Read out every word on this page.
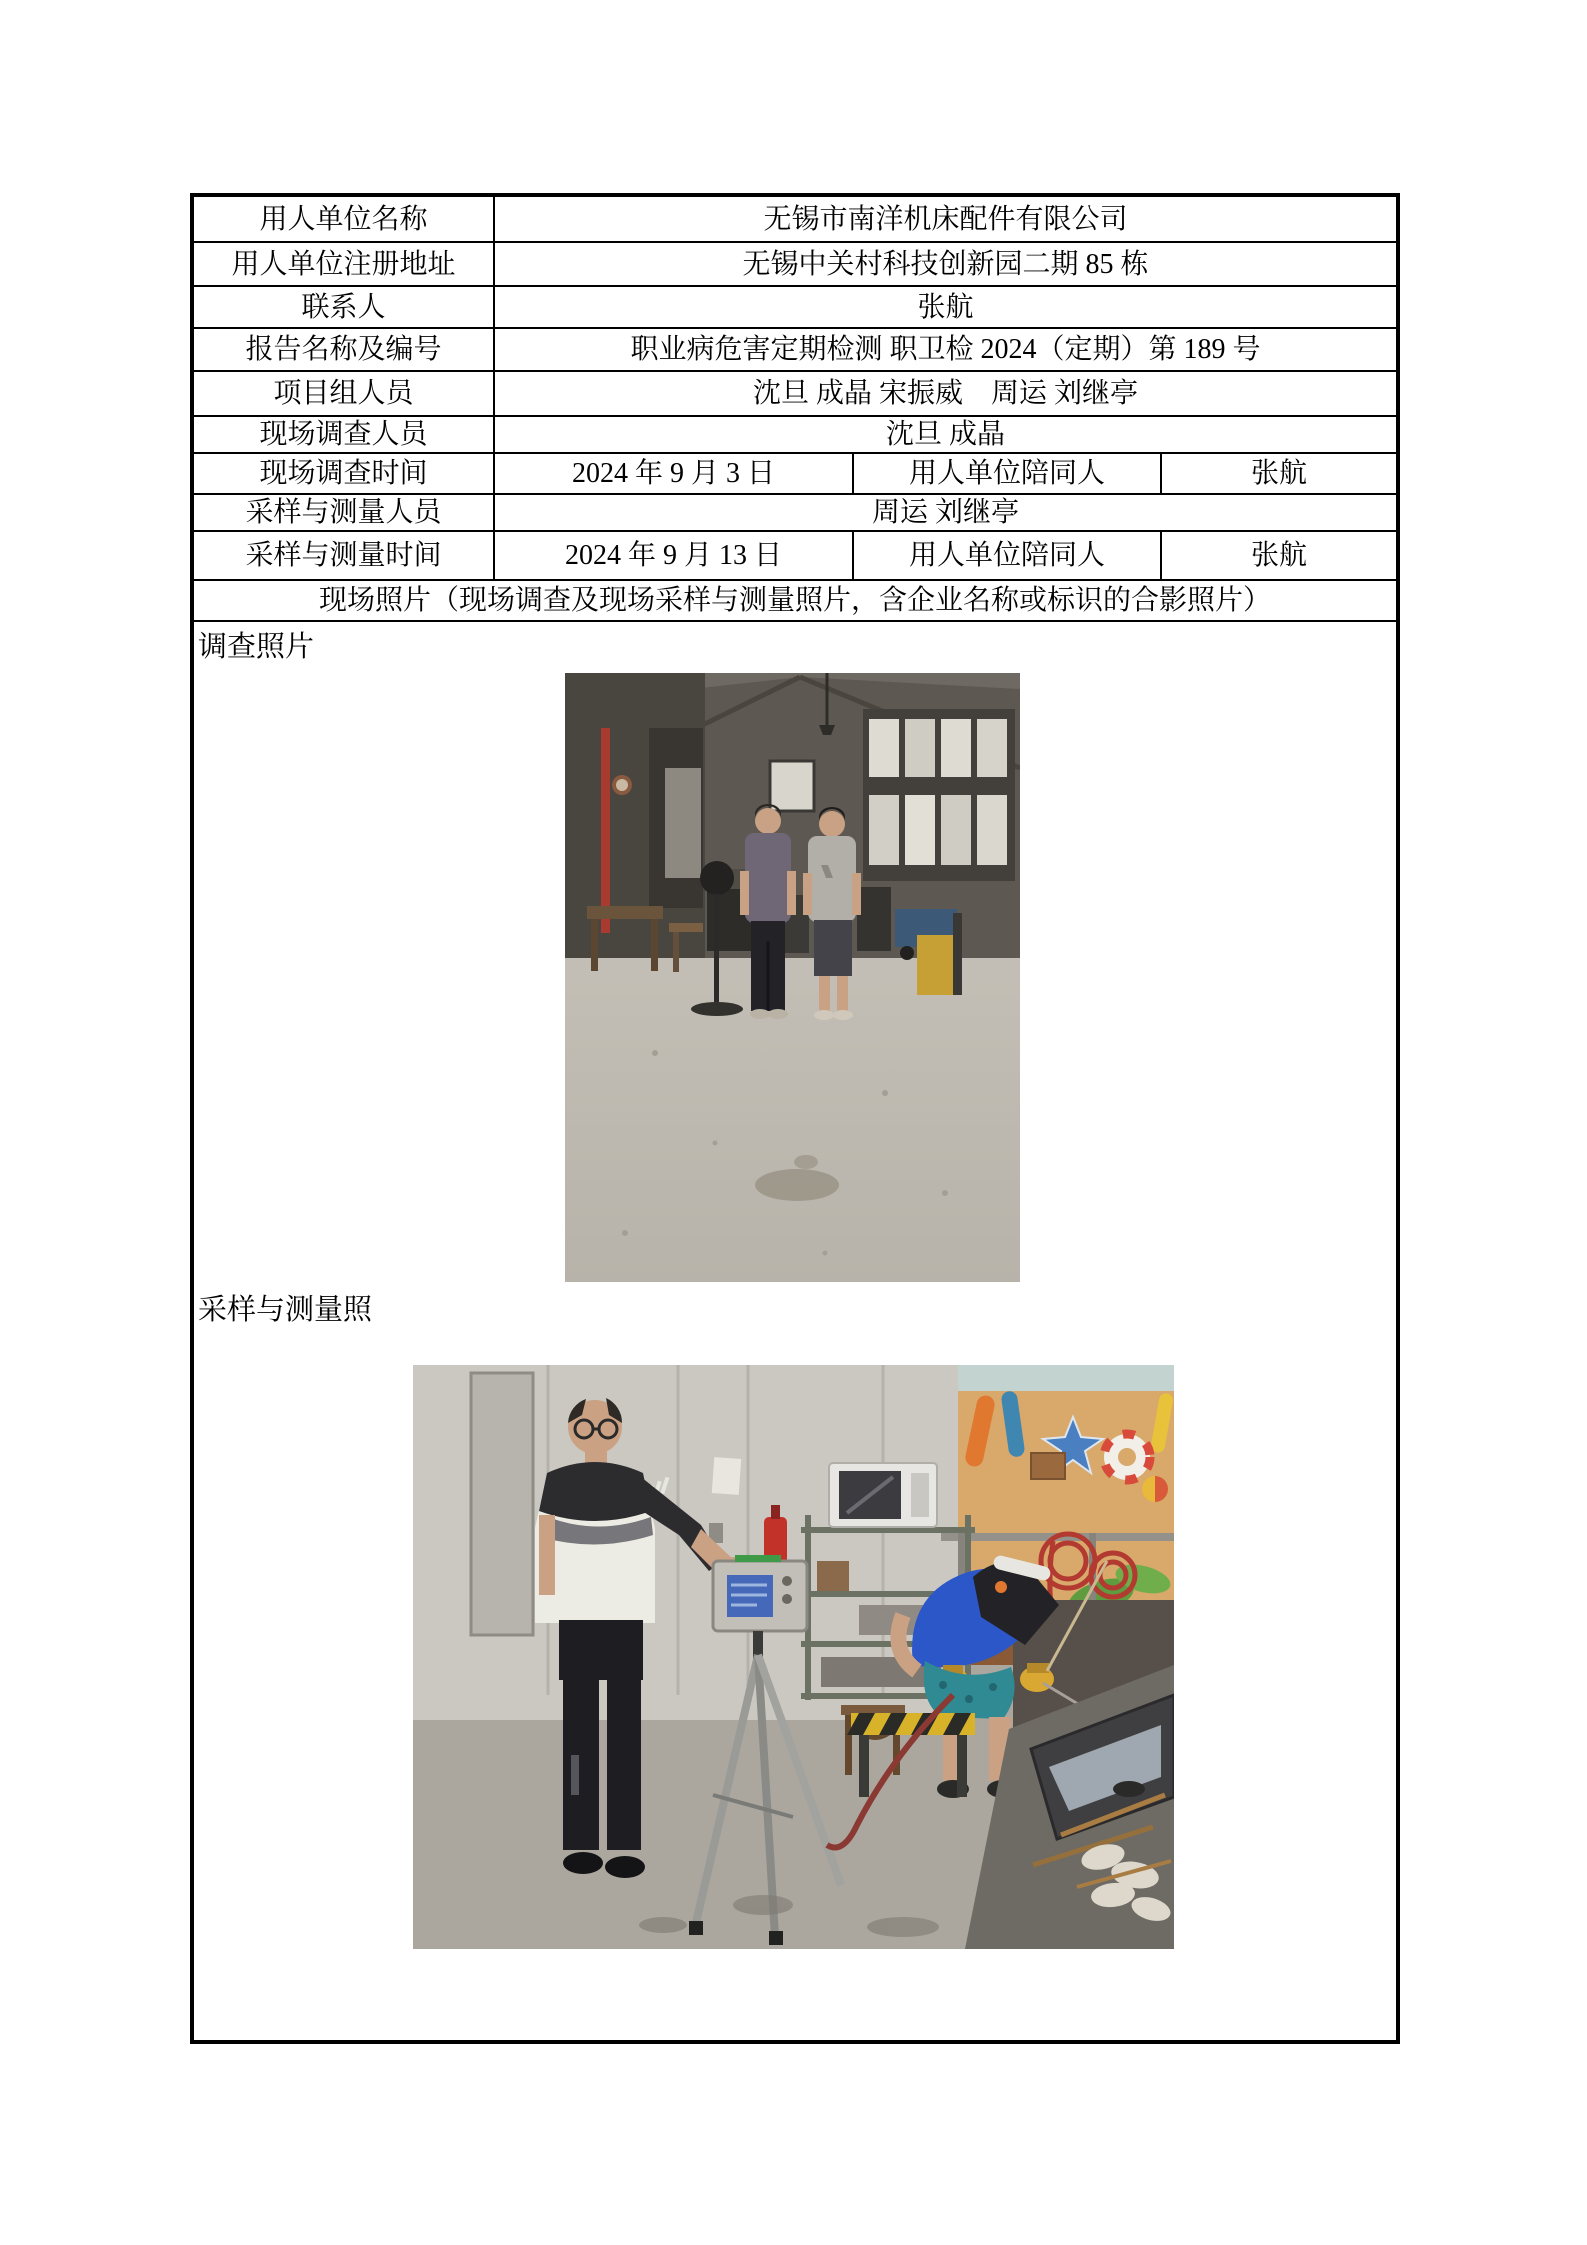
用人单位名称	无锡市南洋机床配件有限公司		
用人单位注册地址	无锡中关村科技创新园二期 85 栋		
联系人	张航		
报告名称及编号	职业病危害定期检测 职卫检 2024（定期）第 189 号		
项目组人员	沈旦 成晶 宋振威　周运 刘继亭		
现场调查人员	沈旦 成晶		
现场调查时间	2024 年 9 月 3 日	用人单位陪同人	张航
采样与测量人员	周运 刘继亭		
采样与测量时间	2024 年 9 月 13 日	用人单位陪同人	张航
现场照片（现场调查及现场采样与测量照片，含企业名称或标识的合影照片）			

调查照片
采样与测量照			
